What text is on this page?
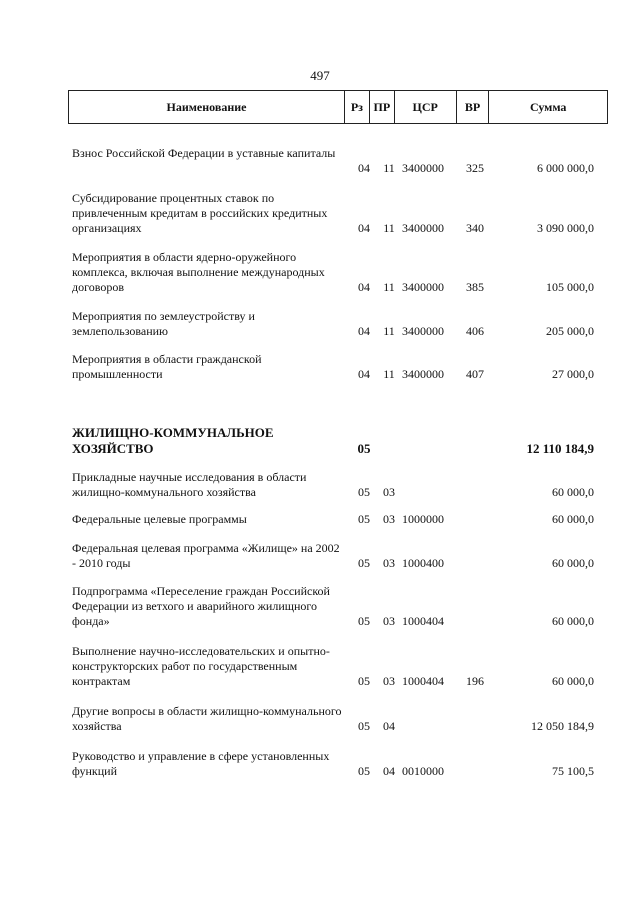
497
Наименование	Рз ПР	ЦСР	ВР	Сумма
Взнос Российской Федерации в уставные капиталы
04	11 3400000	325	6 000 000,0
Субсидирование процентных ставок по привлеченным кредитам в российских кредитных организациях	04	11 3400000	340	3 090 000,0
Мероприятия в области ядерно-оружейного комплекса, включая выполнение международных договоров	04	11 3400000	385	105 000,0
Мероприятия по землеустройству и землепользованию	04	11 3400000	406	205 000,0
Мероприятия в области гражданской промышленности	04	11 3400000	407	27 000,0
ЖИЛИЩНО-КОММУНАЛЬНОЕ ХОЗЯЙСТВО	05	12 110 184,9
Прикладные научные исследования в области жилищно-коммунального хозяйства	05	03	60 000,0
Федеральные целевые программы	05	03 1000000	60 000,0
Федеральная целевая программа «Жилище» на 2002 - 2010 годы	05	03 1000400	60 000,0
Подпрограмма «Переселение граждан Российской Федерации из ветхого и аварийного жилищного фонда»	05	03 1000404	60 000,0
Выполнение научно-исследовательских и опытно-конструкторских работ по государственным контрактам	05	03 1000404	196	60 000,0
Другие вопросы в области жилищно-коммунального хозяйства	05	04	12 050 184,9
Руководство и управление в сфере установленных функций	05	04 0010000	75 100,5
